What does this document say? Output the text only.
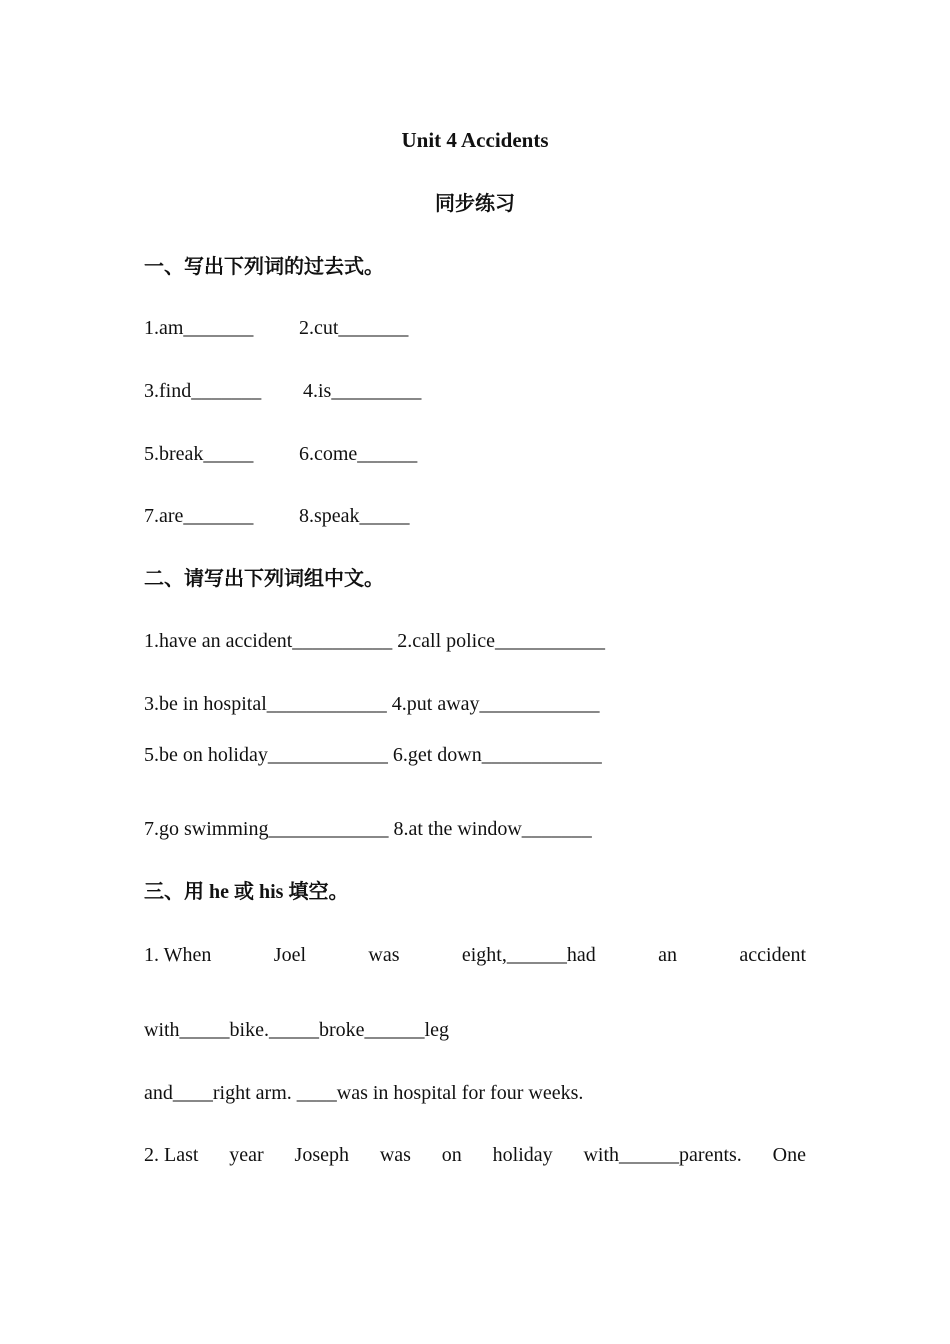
Unit 4 Accidents
同步练习
一、写出下列词的过去式。
1.am_______ 2.cut_______
3.find_______ 4.is_________
5.break_____ 6.come______
7.are_______ 8.speak_____
二、请写出下列词组中文。
1.have an accident__________ 2.call police___________
3.be in hospital____________ 4.put away____________
5.be on holiday____________ 6.get down____________
7.go swimming____________ 8.at the window_______
三、用 he 或 his 填空。
1. When	Joel	was	eight,______had	an	accident
with_____bike._____broke______leg
and____right arm. ____was in hospital for four weeks.
2. Last year Joseph was on holiday with______parents. One
